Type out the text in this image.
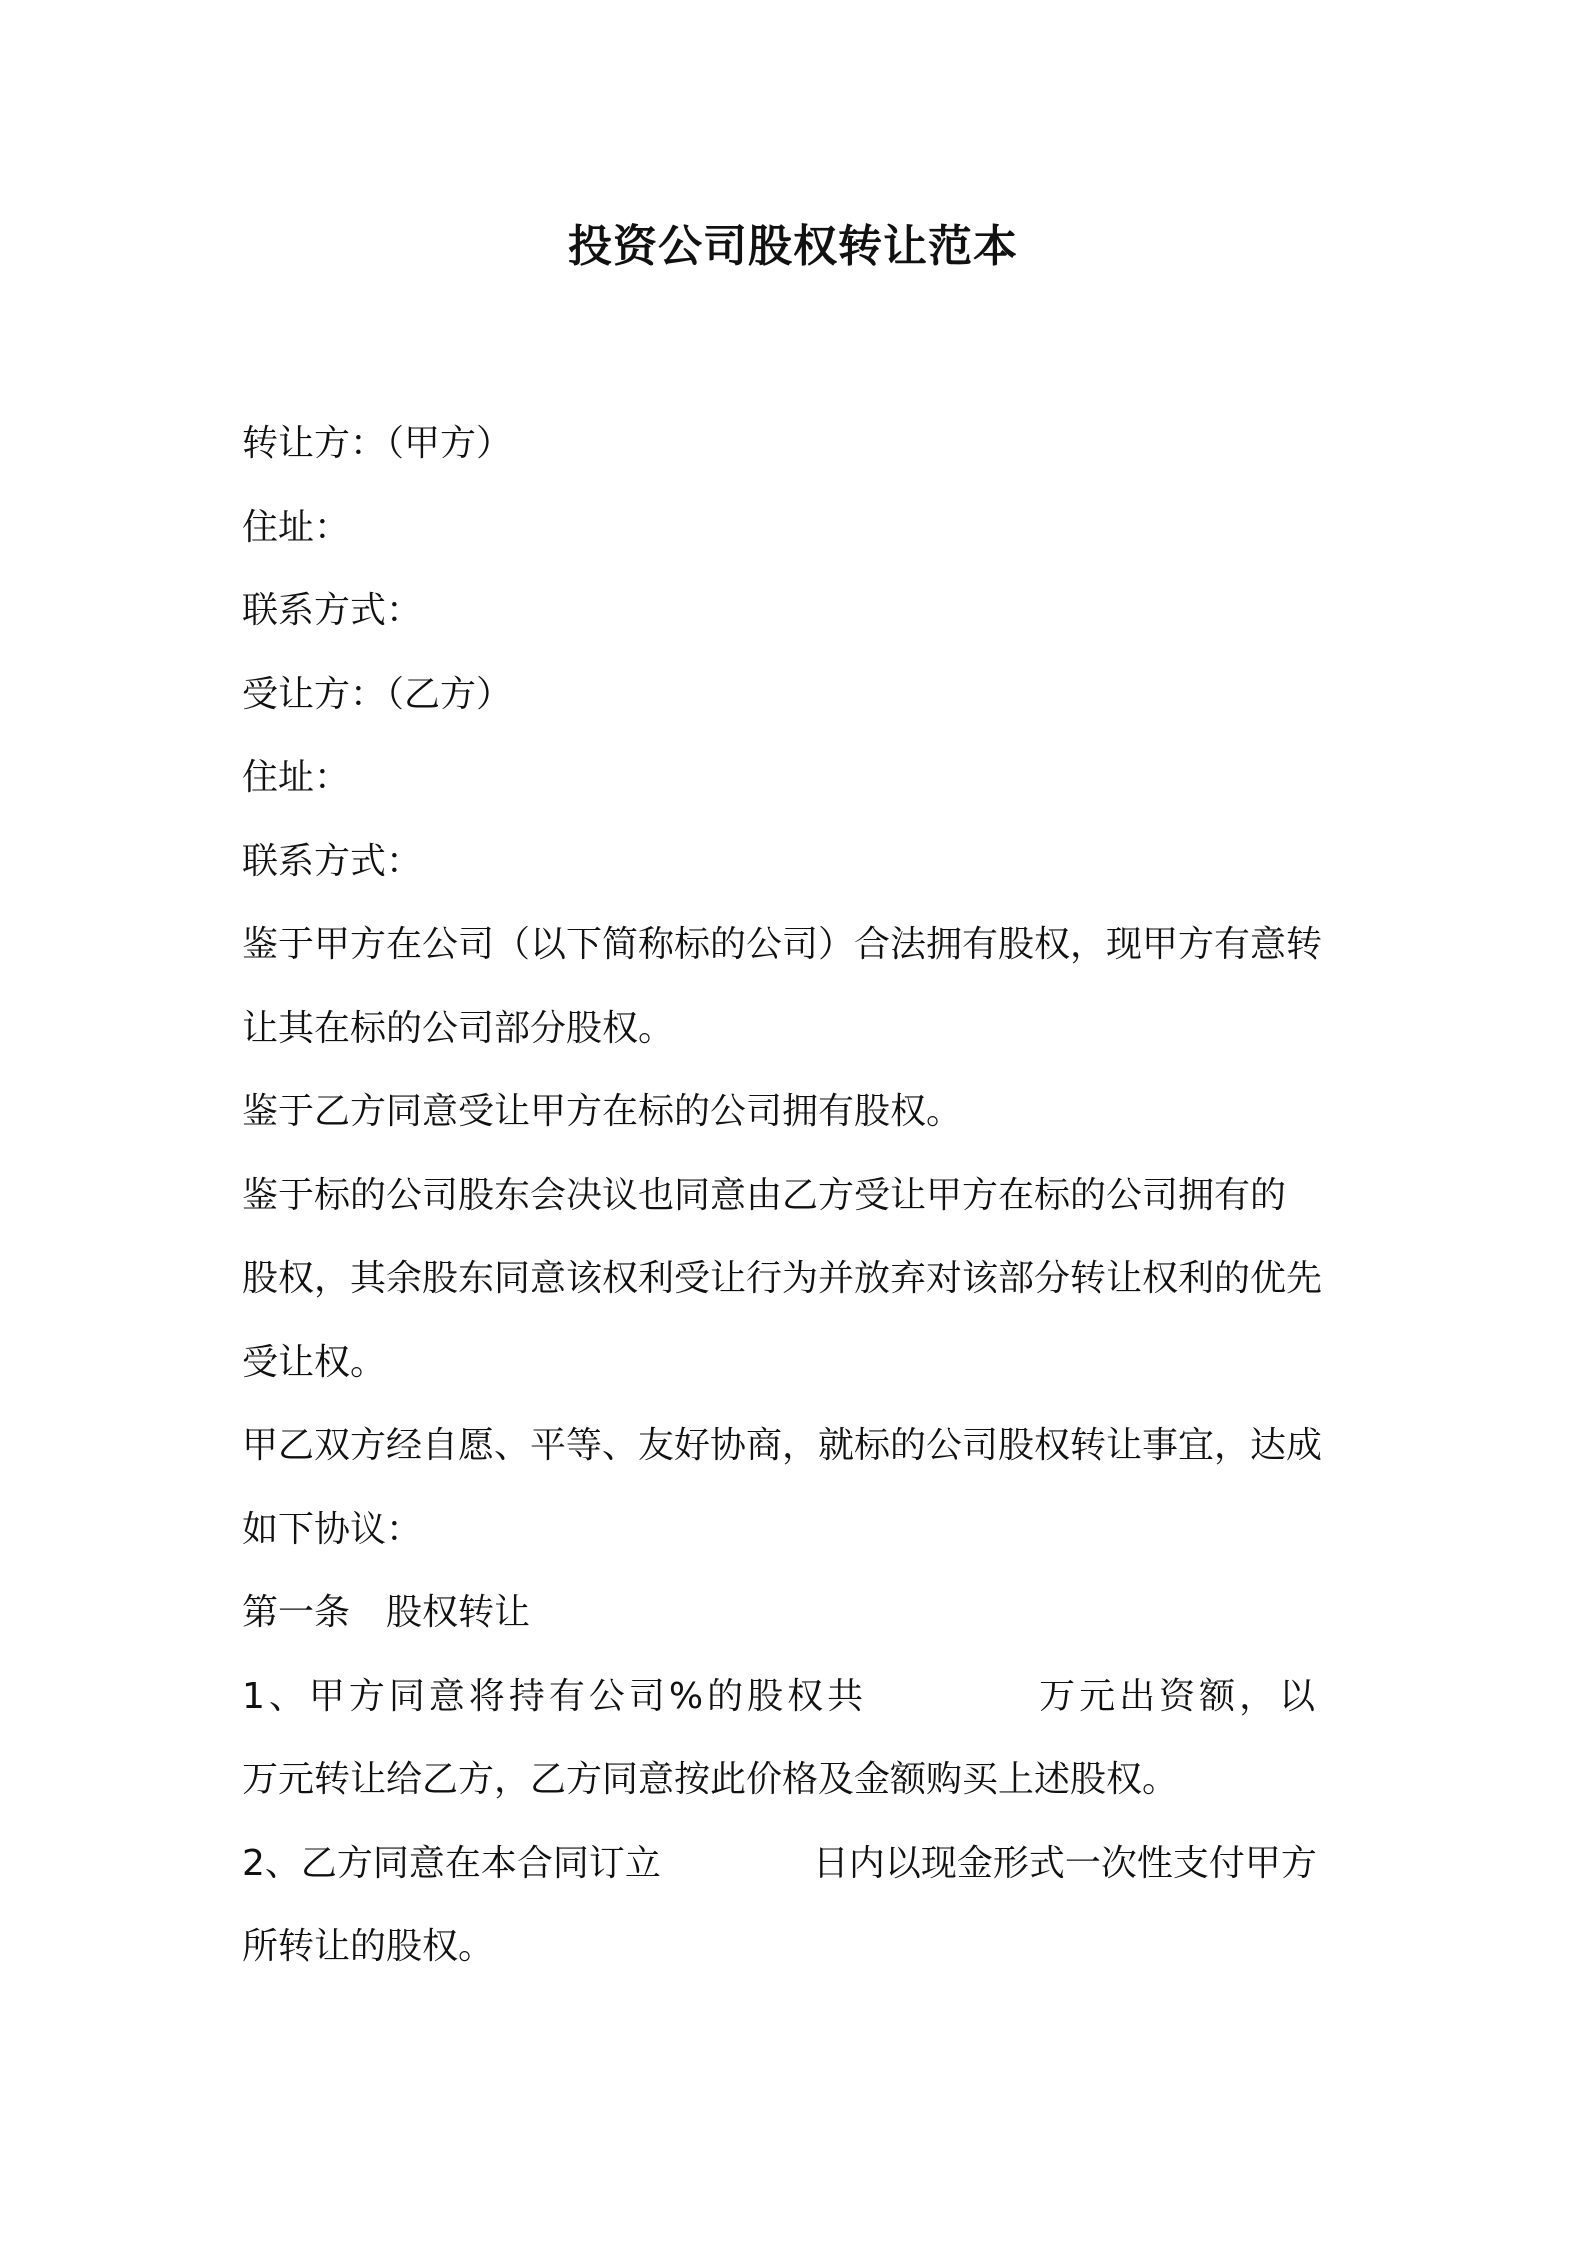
投资公司股权转让范本
转让方：（甲方）
住址：
联系方式：
受让方：（乙方）
住址：
联系方式：
鉴于甲方在公司（以下简称标的公司）合法拥有股权，现甲方有意转
让其在标的公司部分股权。
鉴于乙方同意受让甲方在标的公司拥有股权。
鉴于标的公司股东会决议也同意由乙方受让甲方在标的公司拥有的
股权，其余股东同意该权利受让行为并放弃对该部分转让权利的优先
受让权。
甲乙双方经自愿、平等、友好协商，就标的公司股权转让事宜，达成
如下协议：
第一条 股权转让
1、甲方同意将持有公司%的股权共	万元出资额，以
万元转让给乙方，乙方同意按此价格及金额购买上述股权。
2、乙方同意在本合同订立	日内以现金形式一次性支付甲方
所转让的股权。
